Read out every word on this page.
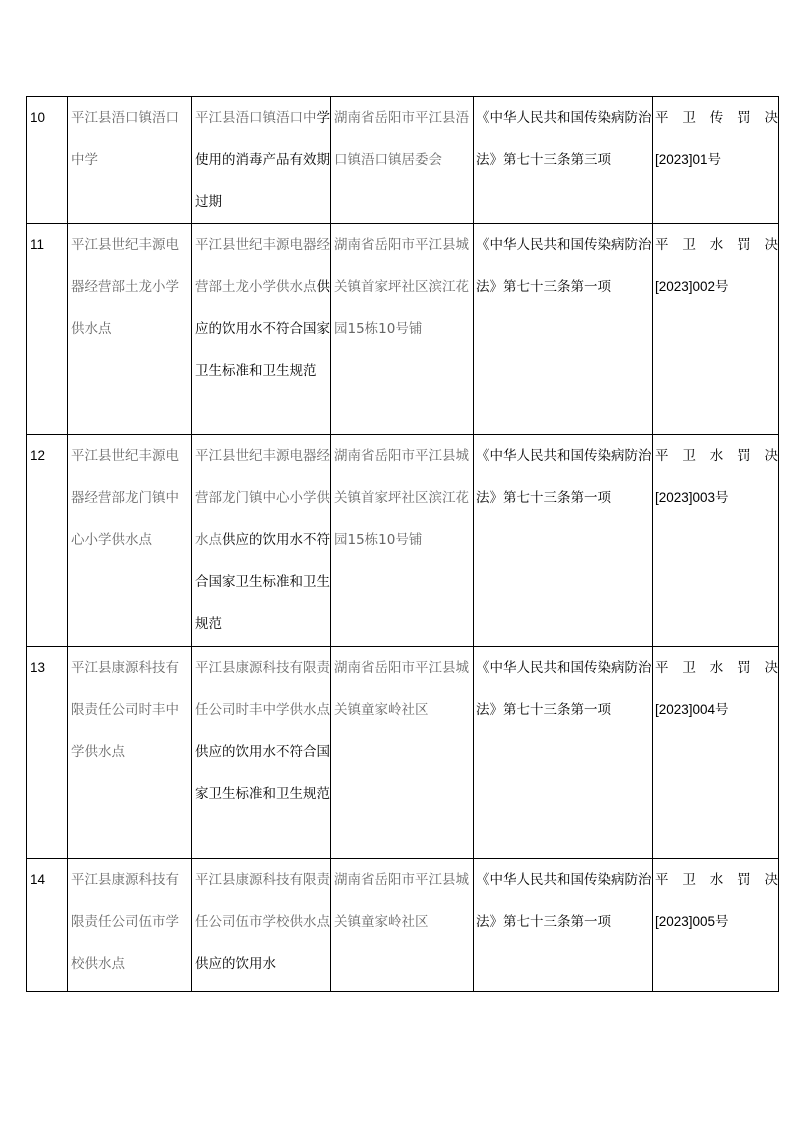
10	平江县浯口镇浯口中学	平江县浯口镇浯口中学使用的消毒产品有效期过期	湖南省岳阳市平江县浯口镇浯口镇居委会	《中华人民共和国传染病防治法》第七十三条第三项	平卫传罚决
[2023]01号

11	平江县世纪丰源电器经营部土龙小学供水点	平江县世纪丰源电器经营部土龙小学供水点供应的饮用水不符合国家卫生标准和卫生规范	湖南省岳阳市平江县城关镇首家坪社区滨江花园15栋10号铺	《中华人民共和国传染病防治法》第七十三条第一项	平卫水罚决
[2023]002号

12	平江县世纪丰源电器经营部龙门镇中心小学供水点	平江县世纪丰源电器经营部龙门镇中心小学供水点供应的饮用水不符合国家卫生标准和卫生规范	湖南省岳阳市平江县城关镇首家坪社区滨江花园15栋10号铺	《中华人民共和国传染病防治法》第七十三条第一项	平卫水罚决
[2023]003号

13	平江县康源科技有限责任公司时丰中学供水点	平江县康源科技有限责任公司时丰中学供水点供应的饮用水不符合国家卫生标准和卫生规范	湖南省岳阳市平江县城关镇童家岭社区	《中华人民共和国传染病防治法》第七十三条第一项	平卫水罚决
[2023]004号

14	平江县康源科技有限责任公司伍市学校供水点	平江县康源科技有限责任公司伍市学校供水点供应的饮用水	湖南省岳阳市平江县城关镇童家岭社区	《中华人民共和国传染病防治法》第七十三条第一项	平卫水罚决
[2023]005号
